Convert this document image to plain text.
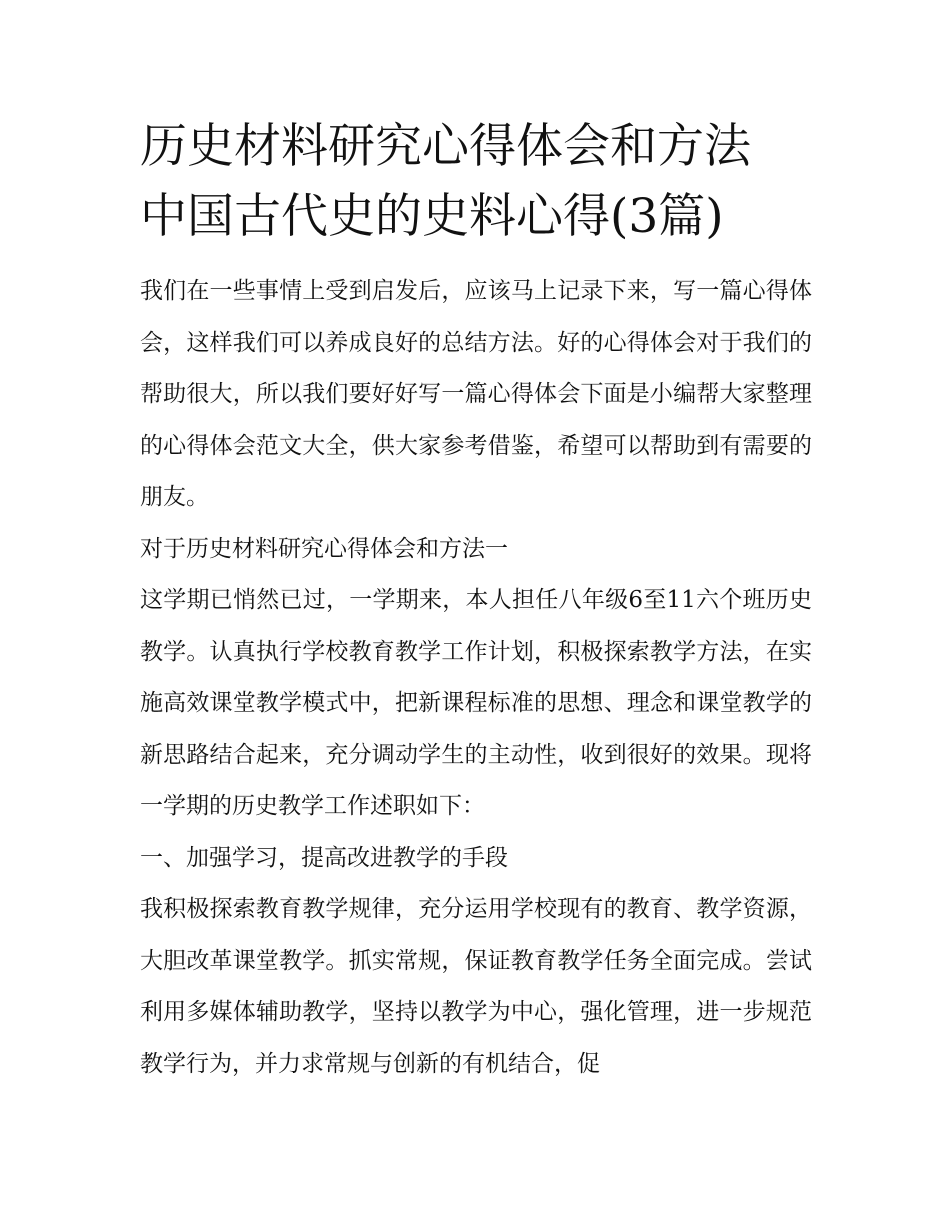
历史材料研究心得体会和方法
中国古代史的史料心得(3篇)

我们在一些事情上受到启发后，应该马上记录下来，写一篇心得体会，这样我们可以养成良好的总结方法。好的心得体会对于我们的帮助很大，所以我们要好好写一篇心得体会下面是小编帮大家整理的心得体会范文大全，供大家参考借鉴，希望可以帮助到有需要的朋友。

对于历史材料研究心得体会和方法一

这学期已悄然已过，一学期来，本人担任八年级6至11六个班历史教学。认真执行学校教育教学工作计划，积极探索教学方法，在实施高效课堂教学模式中，把新课程标准的思想、理念和课堂教学的新思路结合起来，充分调动学生的主动性，收到很好的效果。现将一学期的历史教学工作述职如下：

一、加强学习，提高改进教学的手段

我积极探索教育教学规律，充分运用学校现有的教育、教学资源，大胆改革课堂教学。抓实常规，保证教育教学任务全面完成。尝试利用多媒体辅助教学，坚持以教学为中心，强化管理，进一步规范教学行为，并力求常规与创新的有机结合，促
